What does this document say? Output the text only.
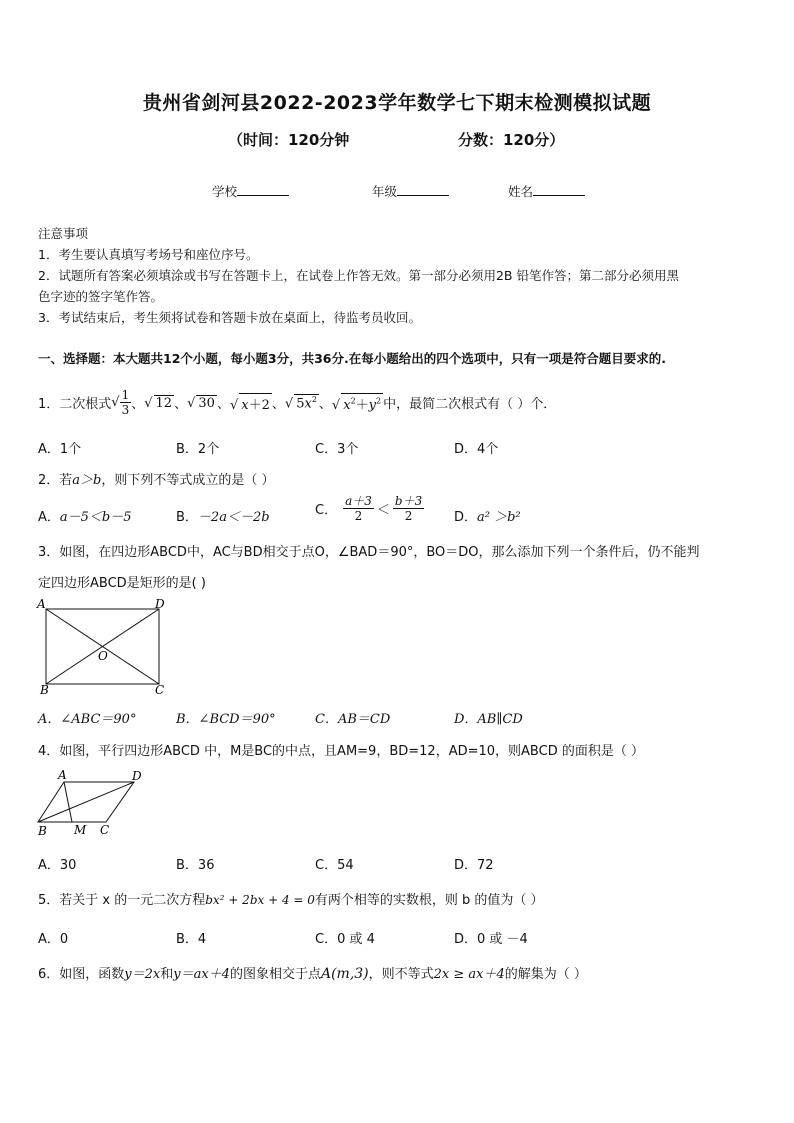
贵州省剑河县2022-2023学年数学七下期末检测模拟试题
（时间：120分钟	分数：120分）
学校	年级	姓名
注意事项
1．考生要认真填写考场号和座位序号。
2．试题所有答案必须填涂或书写在答题卡上，在试卷上作答无效。第一部分必须用2B 铅笔作答；第二部分必须用黑
色字迹的签字笔作答。
3．考试结束后，考生须将试卷和答题卡放在桌面上，待监考员收回。
一、选择题：本大题共12个小题，每小题3分，共36分.在每小题给出的四个选项中，只有一项是符合题目要求的.
1．二次根式 √ $\frac{1}{3}$ 、 √ 12 、 √ 30 、 √ x＋2 、 √ $5x^2$ 、 √ $x^2+y^2$ 中，最简二次根式有（ ）个．
A．1个	B．2个	C．3个	D．4个
2．若a＞b，则下列不等式成立的是（ ）
A．a－5＜b－5	B．－2a＜－2b	C． $\frac{a+3}{2} < \frac{b+3}{2}$ D．a² ＞b²
3．如图，在四边形ABCD中，AC与BD相交于点O，∠BAD＝90°，BO＝DO，那么添加下列一个条件后，仍不能判
定四边形ABCD是矩形的是( )
A	D
O
B	C
A．∠ABC＝90°	B．∠BCD＝90°	C．AB＝CD	D．AB∥CD
4．如图，平行四边形ABCD 中，M是BC的中点，且AM=9，BD=12，AD=10，则ABCD 的面积是（ ）
A	D
B M C
A．30	B．36	C．54	D．72
5．若关于 x 的一元二次方程bx² + 2bx + 4 = 0有两个相等的实数根，则 b 的值为（ ）
A．0	B．4	C．0 或 4	D．0 或 －4
6．如图，函数y＝2x和y＝ax＋4的图象相交于点A(m,3)，则不等式2x ≥ ax＋4的解集为（ ）
